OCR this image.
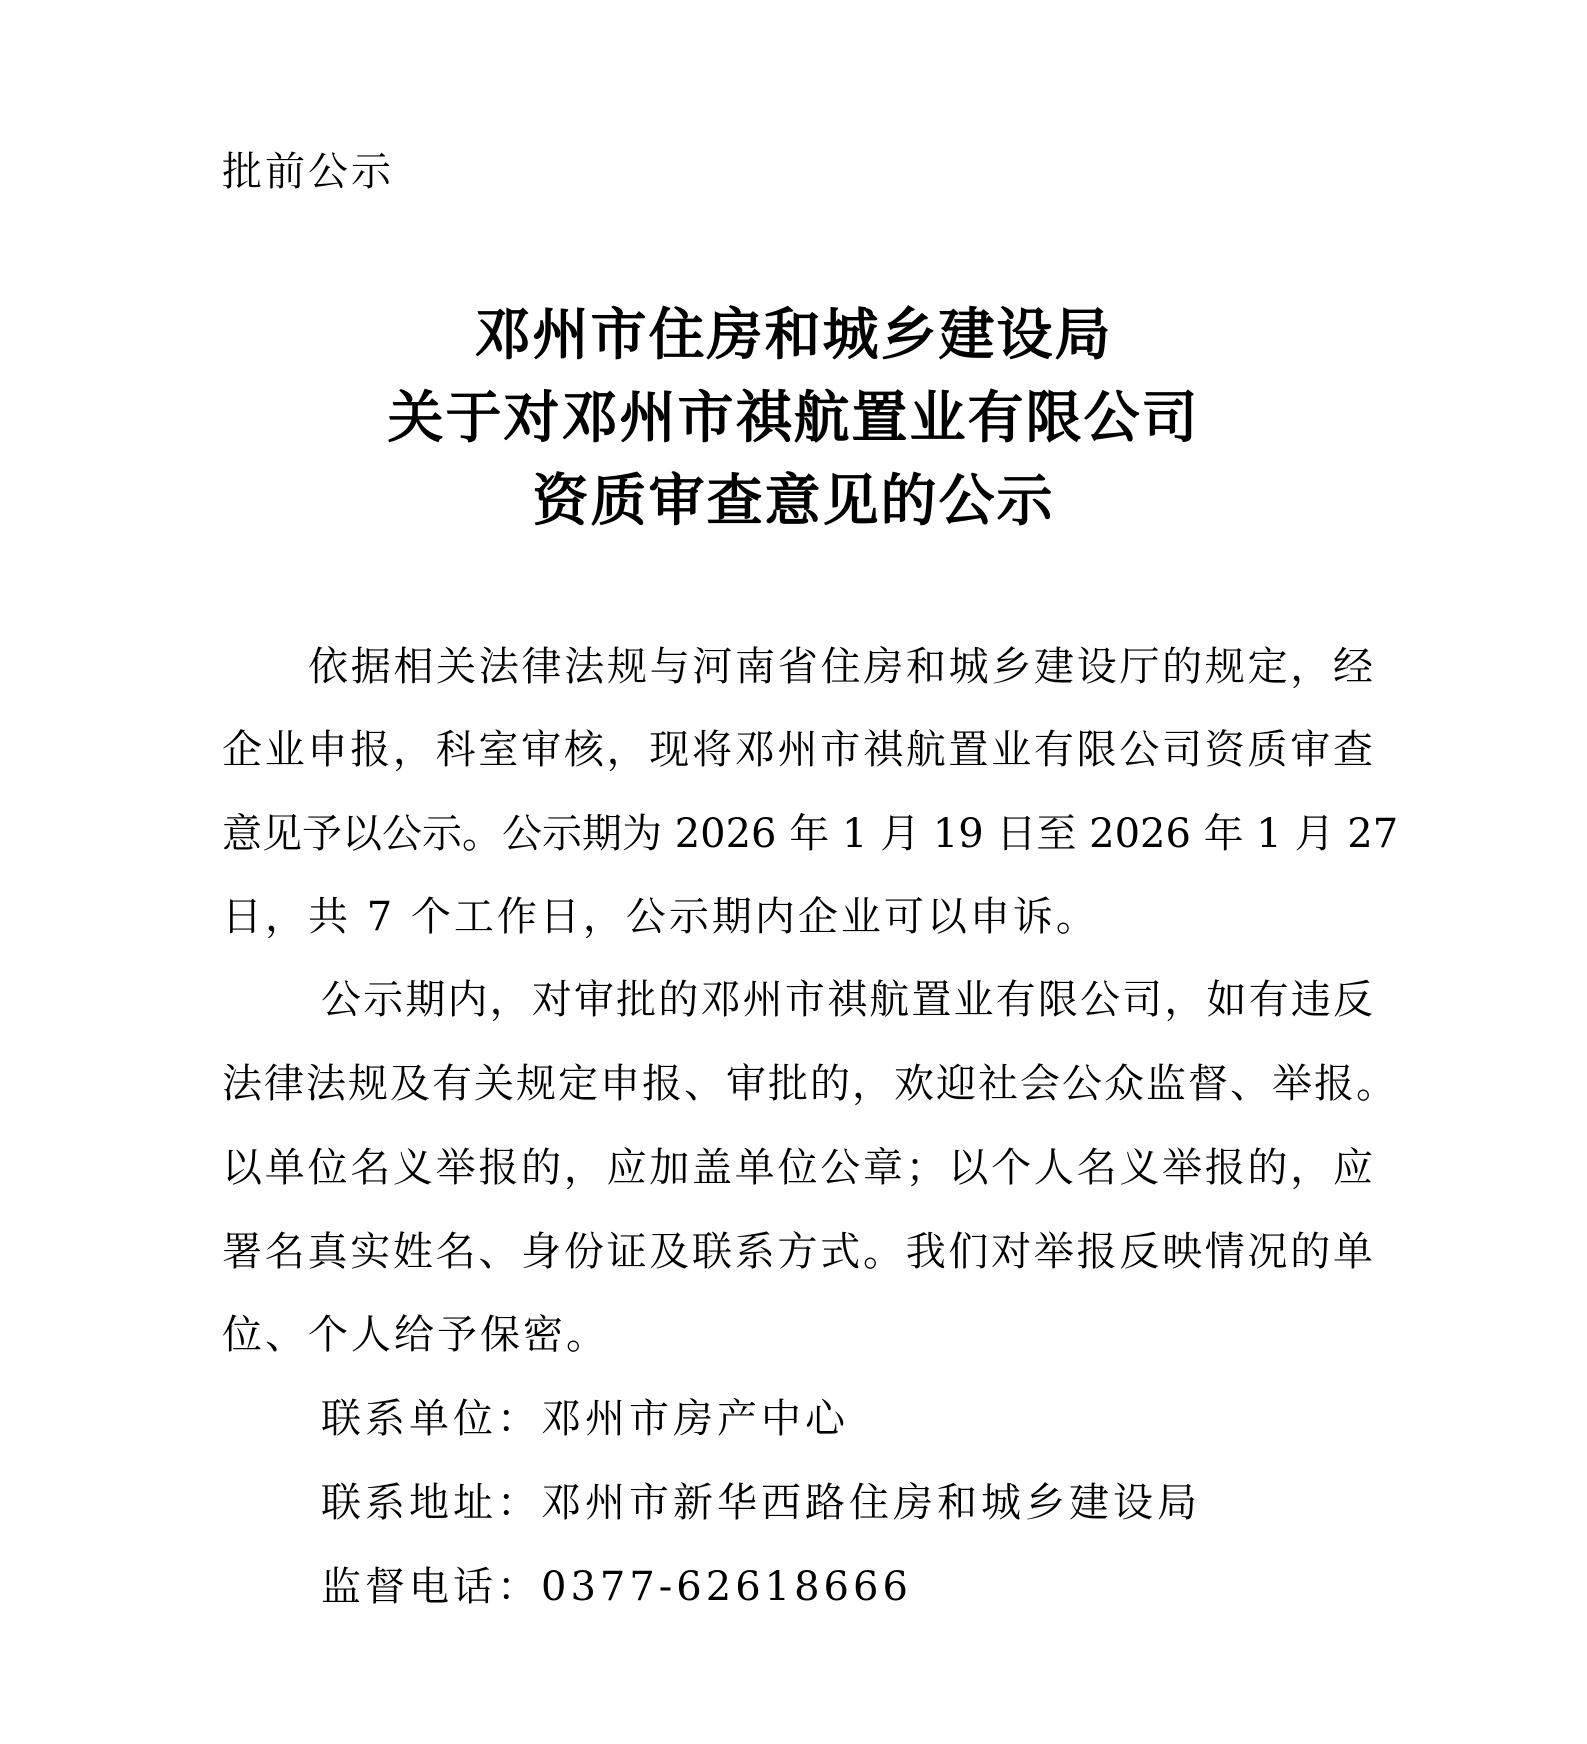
批前公示
邓州市住房和城乡建设局
关于对邓州市祺航置业有限公司
资质审查意见的公示
依据相关法律法规与河南省住房和城乡建设厅的规定，经
企业申报，科室审核，现将邓州市祺航置业有限公司资质审查
意见予以公示。公示期为 2026 年 1 月 19 日至 2026 年 1 月 27
日，共 7 个工作日，公示期内企业可以申诉。
公示期内，对审批的邓州市祺航置业有限公司，如有违反
法律法规及有关规定申报、审批的，欢迎社会公众监督、举报。
以单位名义举报的，应加盖单位公章；以个人名义举报的，应
署名真实姓名、身份证及联系方式。我们对举报反映情况的单
位、个人给予保密。
联系单位：邓州市房产中心
联系地址：邓州市新华西路住房和城乡建设局
监督电话：0377-62618666
